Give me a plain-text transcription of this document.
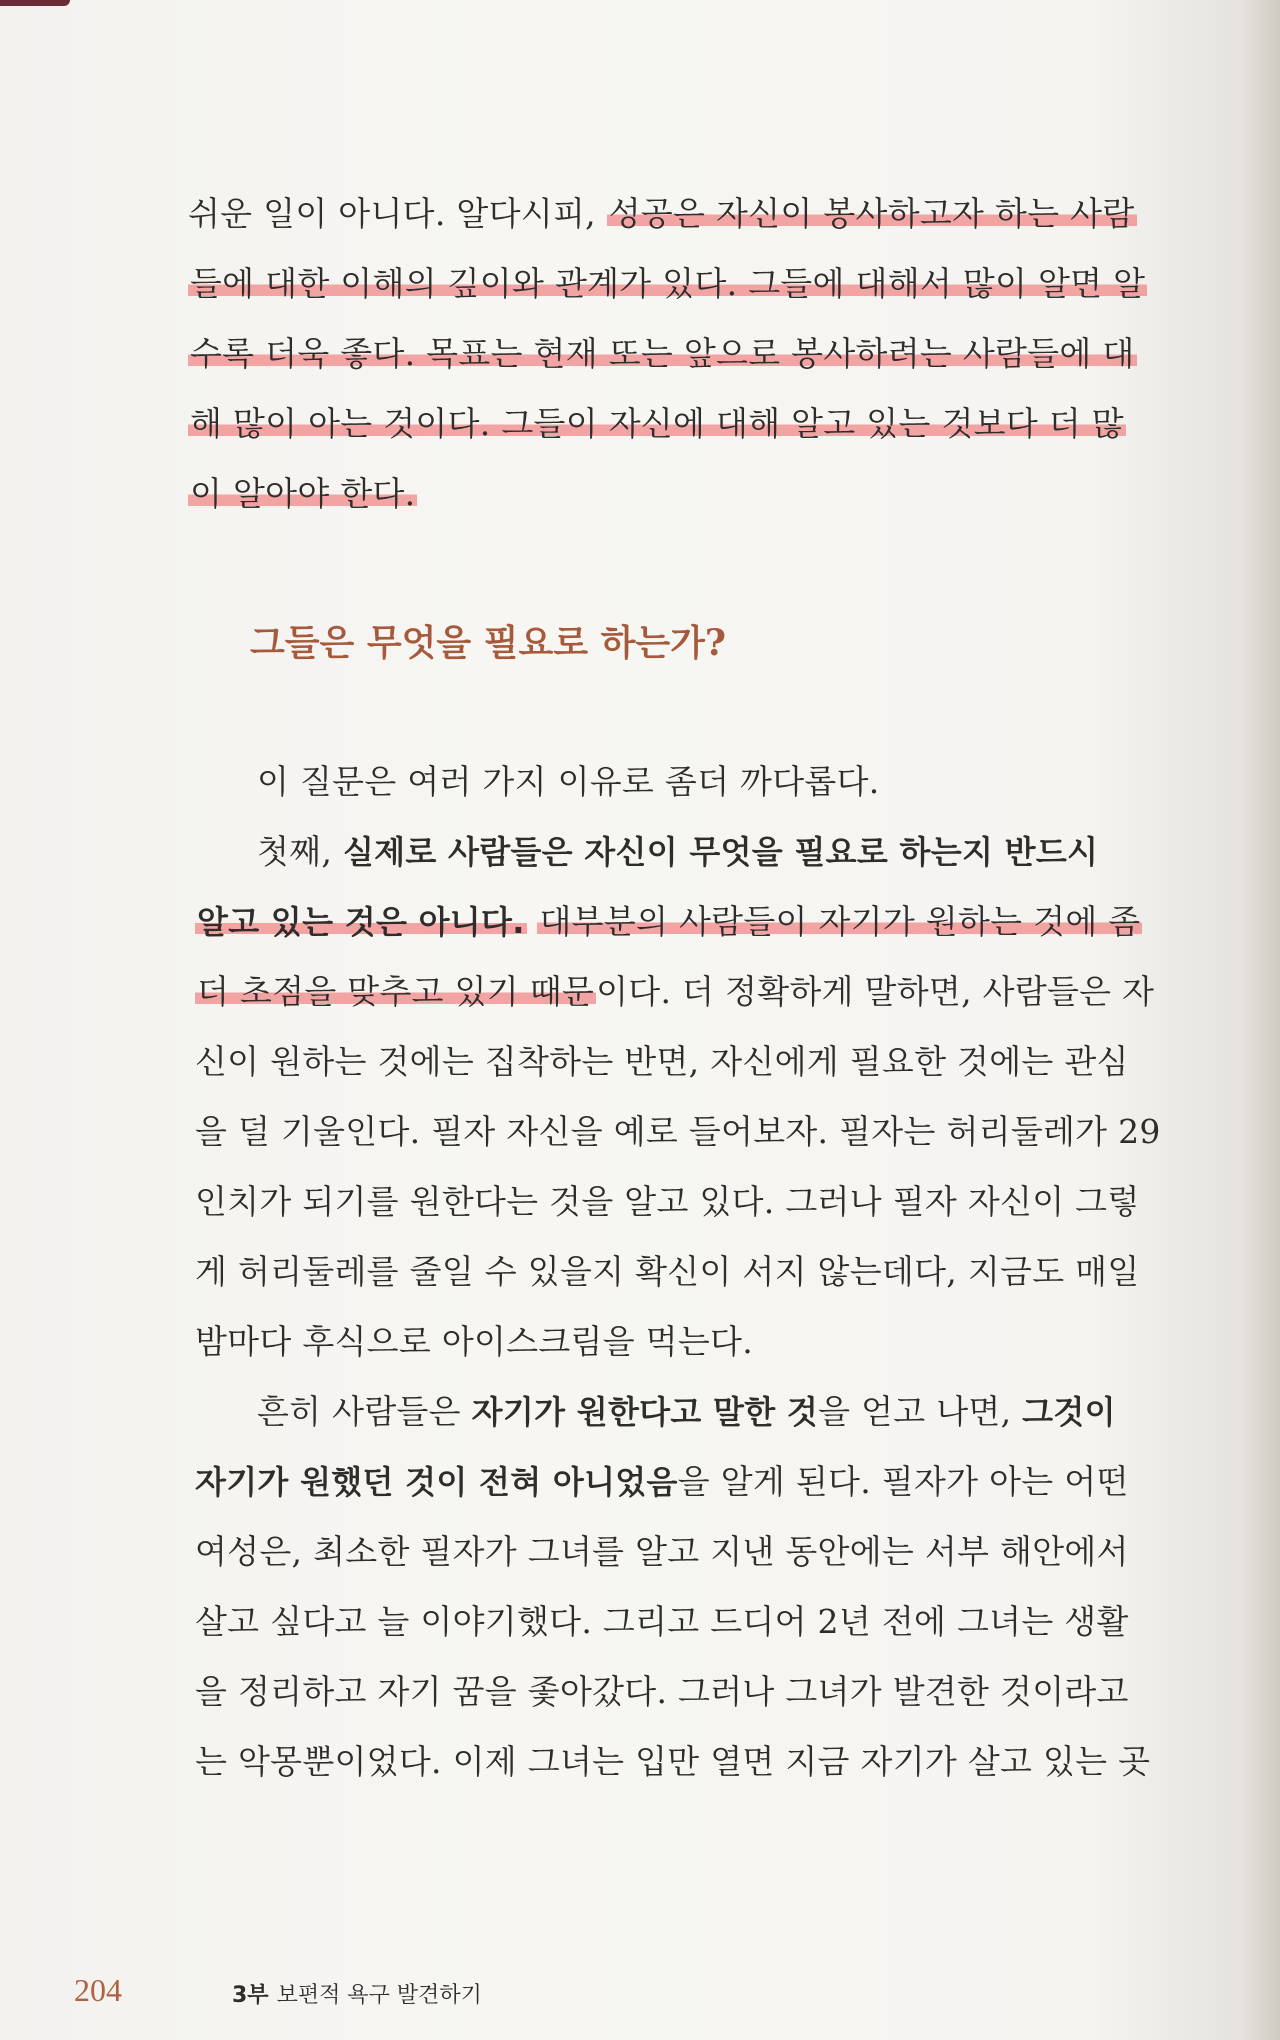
쉬운 일이 아니다. 알다시피, 성공은 자신이 봉사하고자 하는 사람
들에 대한 이해의 깊이와 관계가 있다. 그들에 대해서 많이 알면 알
수록 더욱 좋다. 목표는 현재 또는 앞으로 봉사하려는 사람들에 대
해 많이 아는 것이다. 그들이 자신에 대해 알고 있는 것보다 더 많
이 알아야 한다.
그들은 무엇을 필요로 하는가?
이 질문은 여러 가지 이유로 좀더 까다롭다.
첫째, 실제로 사람들은 자신이 무엇을 필요로 하는지 반드시
알고 있는 것은 아니다. 대부분의 사람들이 자기가 원하는 것에 좀
더 초점을 맞추고 있기 때문이다. 더 정확하게 말하면, 사람들은 자
신이 원하는 것에는 집착하는 반면, 자신에게 필요한 것에는 관심
을 덜 기울인다. 필자 자신을 예로 들어보자. 필자는 허리둘레가 29
인치가 되기를 원한다는 것을 알고 있다. 그러나 필자 자신이 그렇
게 허리둘레를 줄일 수 있을지 확신이 서지 않는데다, 지금도 매일
밤마다 후식으로 아이스크림을 먹는다.
흔히 사람들은 자기가 원한다고 말한 것을 얻고 나면, 그것이
자기가 원했던 것이 전혀 아니었음을 알게 된다. 필자가 아는 어떤
여성은, 최소한 필자가 그녀를 알고 지낸 동안에는 서부 해안에서
살고 싶다고 늘 이야기했다. 그리고 드디어 2년 전에 그녀는 생활
을 정리하고 자기 꿈을 좇아갔다. 그러나 그녀가 발견한 것이라고
는 악몽뿐이었다. 이제 그녀는 입만 열면 지금 자기가 살고 있는 곳
204	3부 보편적 욕구 발견하기
